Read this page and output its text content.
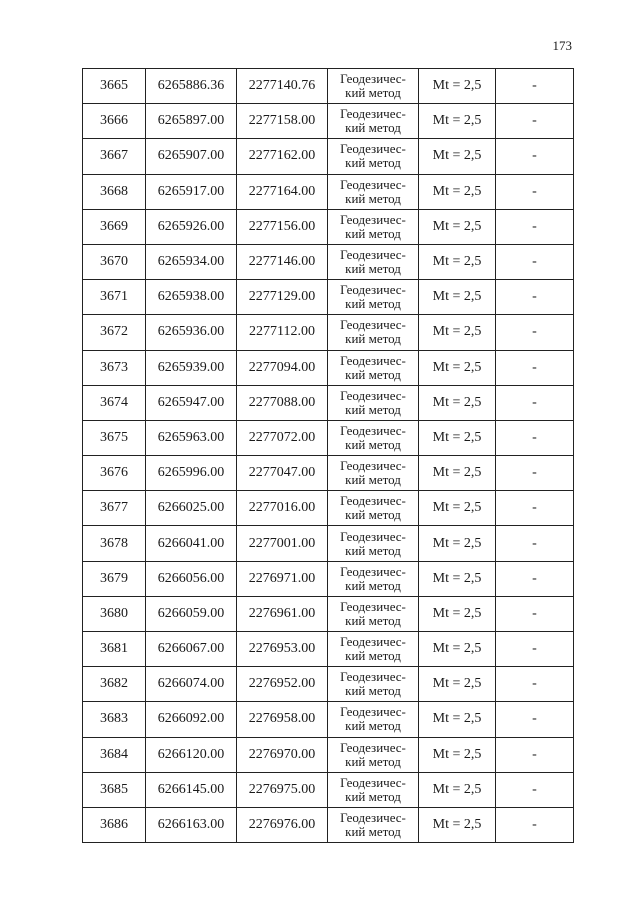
173
3665	6265886.36	2277140.76	Геодезичес-
кий метод	Mt = 2,5	-
3666	6265897.00	2277158.00	Геодезичес-
кий метод	Mt = 2,5	-
3667	6265907.00	2277162.00	Геодезичес-
кий метод	Mt = 2,5	-
3668	6265917.00	2277164.00	Геодезичес-
кий метод	Mt = 2,5	-
3669	6265926.00	2277156.00	Геодезичес-
кий метод	Mt = 2,5	-
3670	6265934.00	2277146.00	Геодезичес-
кий метод	Mt = 2,5	-
3671	6265938.00	2277129.00	Геодезичес-
кий метод	Mt = 2,5	-
3672	6265936.00	2277112.00	Геодезичес-
кий метод	Mt = 2,5	-
3673	6265939.00	2277094.00	Геодезичес-
кий метод	Mt = 2,5	-
3674	6265947.00	2277088.00	Геодезичес-
кий метод	Mt = 2,5	-
3675	6265963.00	2277072.00	Геодезичес-
кий метод	Mt = 2,5	-
3676	6265996.00	2277047.00	Геодезичес-
кий метод	Mt = 2,5	-
3677	6266025.00	2277016.00	Геодезичес-
кий метод	Mt = 2,5	-
3678	6266041.00	2277001.00	Геодезичес-
кий метод	Mt = 2,5	-
3679	6266056.00	2276971.00	Геодезичес-
кий метод	Mt = 2,5	-
3680	6266059.00	2276961.00	Геодезичес-
кий метод	Mt = 2,5	-
3681	6266067.00	2276953.00	Геодезичес-
кий метод	Mt = 2,5	-
3682	6266074.00	2276952.00	Геодезичес-
кий метод	Mt = 2,5	-
3683	6266092.00	2276958.00	Геодезичес-
кий метод	Mt = 2,5	-
3684	6266120.00	2276970.00	Геодезичес-
кий метод	Mt = 2,5	-
3685	6266145.00	2276975.00	Геодезичес-
кий метод	Mt = 2,5	-
3686	6266163.00	2276976.00	Геодезичес-
кий метод	Mt = 2,5	-
